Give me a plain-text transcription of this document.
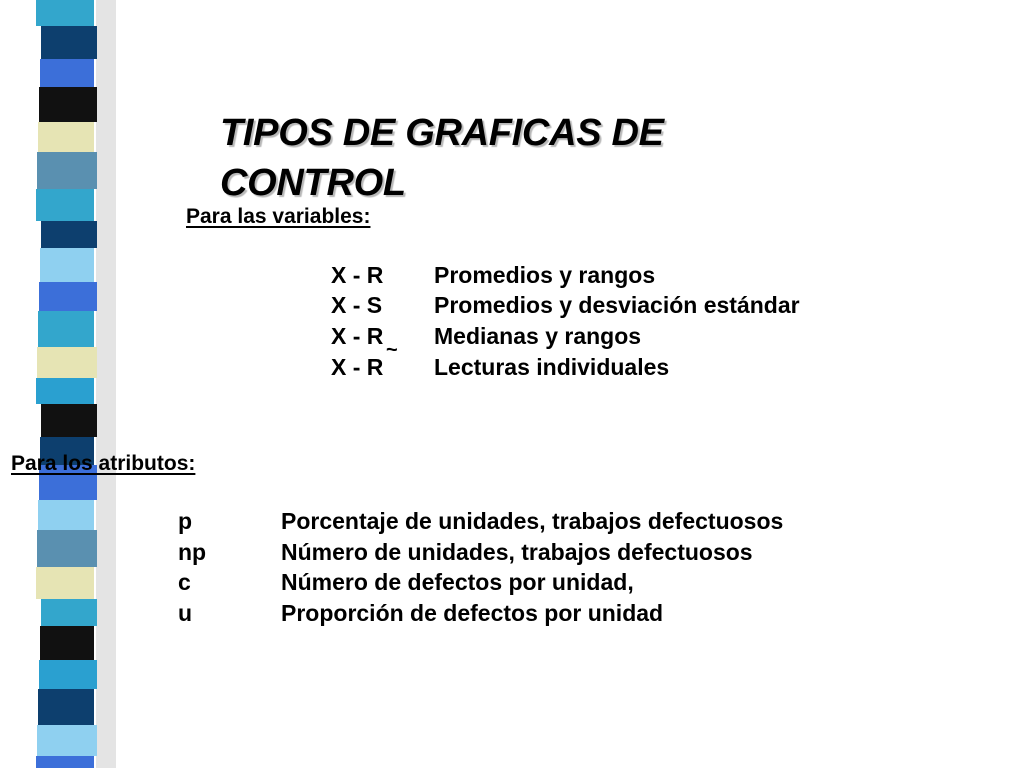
TIPOS DE GRAFICAS DE
CONTROL
Para las variables:
X - R Promedios y rangos
X - S Promedios y desviación estándar
X - R Medianas y rangos
~
X - R Lecturas individuales
Para los atributos:
p	Porcentaje de unidades, trabajos defectuosos
np	Número de unidades, trabajos defectuosos
c	Número de defectos por unidad,
u	Proporción de defectos por unidad
